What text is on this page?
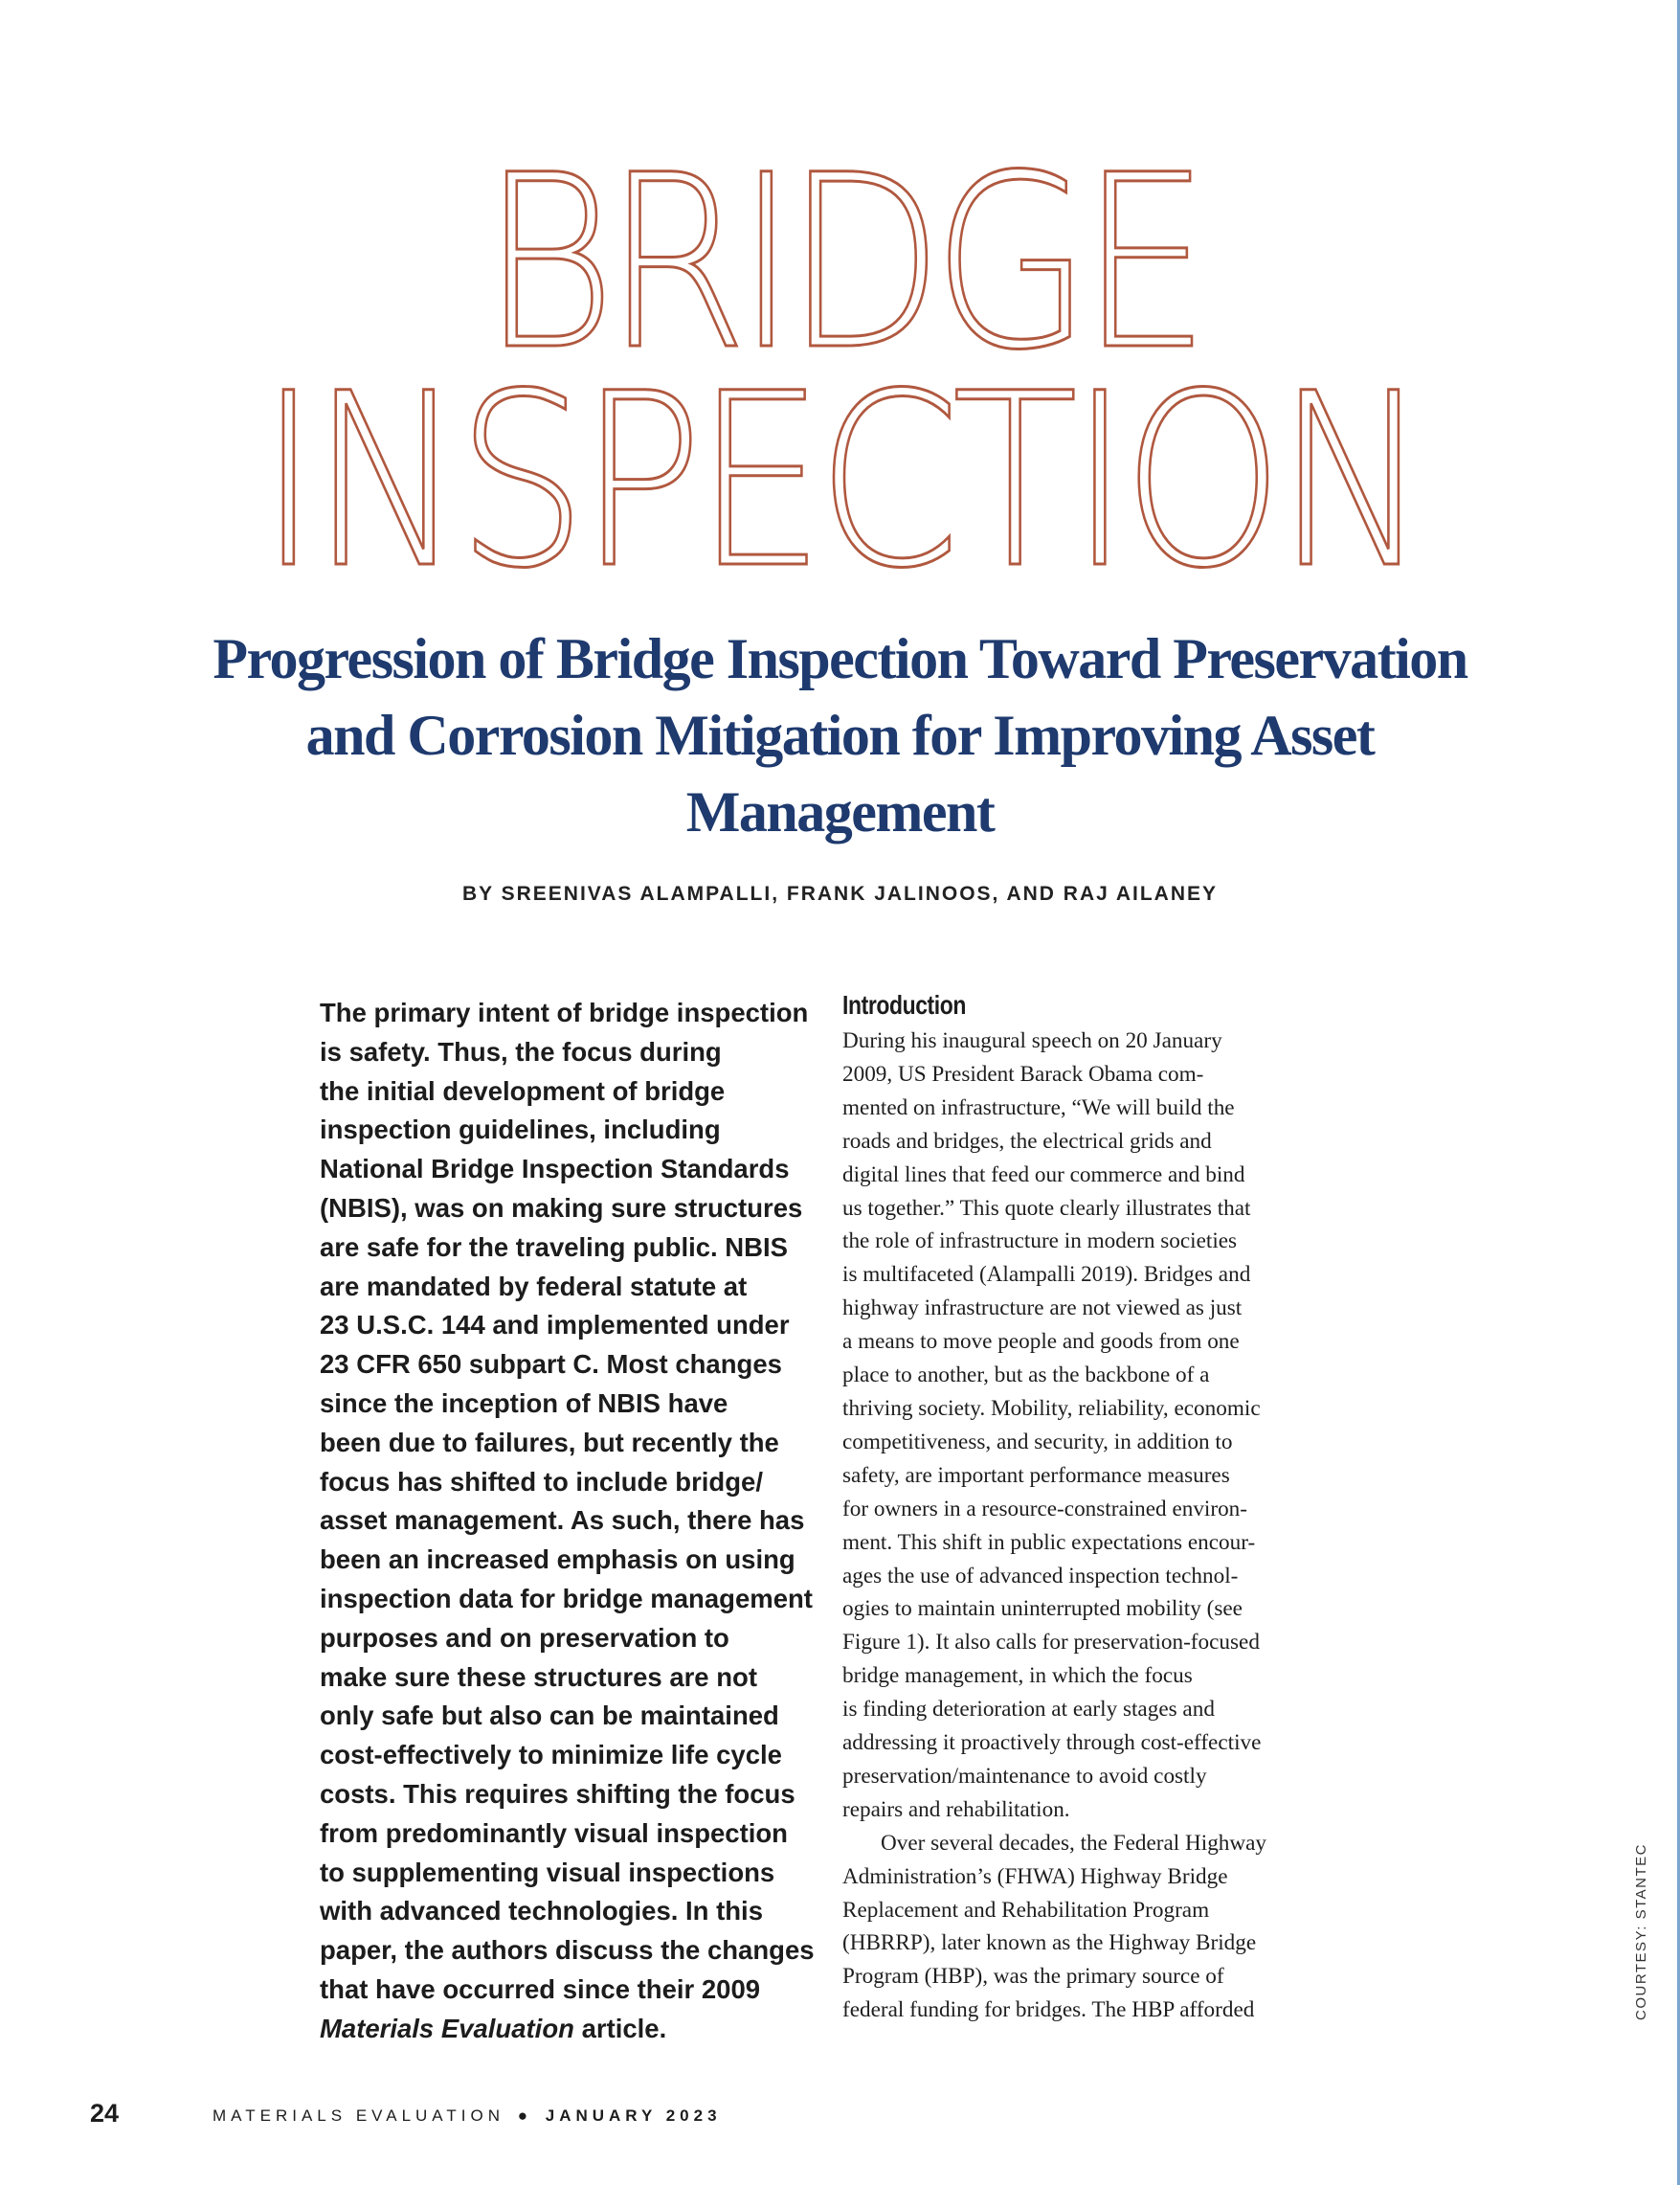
BRIDGE
INSPECTION
Progression of Bridge Inspection Toward Preservation and Corrosion Mitigation for Improving Asset Management
BY SREENIVAS ALAMPALLI, FRANK JALINOOS, AND RAJ AILANEY

The primary intent of bridge inspection
is safety. Thus, the focus during
the initial development of bridge
inspection guidelines, including
National Bridge Inspection Standards
(NBIS), was on making sure structures
are safe for the traveling public. NBIS
are mandated by federal statute at
23 U.S.C. 144 and implemented under
23 CFR 650 subpart C. Most changes
since the inception of NBIS have
been due to failures, but recently the
focus has shifted to include bridge/
asset management. As such, there has
been an increased emphasis on using
inspection data for bridge management
purposes and on preservation to
make sure these structures are not
only safe but also can be maintained
cost-effectively to minimize life cycle
costs. This requires shifting the focus
from predominantly visual inspection
to supplementing visual inspections
with advanced technologies. In this
paper, the authors discuss the changes
that have occurred since their 2009

Materials Evaluation article.
Introduction
During his inaugural speech on 20 January
2009, US President Barack Obama com-
mented on infrastructure, “We will build the
roads and bridges, the electrical grids and
digital lines that feed our commerce and bind
us together.” This quote clearly illustrates that
the role of infrastructure in modern societies
is multifaceted (Alampalli 2019). Bridges and
highway infrastructure are not viewed as just
a means to move people and goods from one
place to another, but as the backbone of a
thriving society. Mobility, reliability, economic
competitiveness, and security, in addition to
safety, are important performance measures
for owners in a resource-constrained environ-
ment. This shift in public expectations encour-
ages the use of advanced inspection technol-
ogies to maintain uninterrupted mobility (see
Figure 1). It also calls for preservation-focused
bridge management, in which the focus
is finding deterioration at early stages and
addressing it proactively through cost-effective
preservation/maintenance to avoid costly
repairs and rehabilitation.
Over several decades, the Federal Highway
Administration’s (FHWA) Highway Bridge
Replacement and Rehabilitation Program
(HBRRP), later known as the Highway Bridge
Program (HBP), was the primary source of
federal funding for bridges. The HBP afforded	COURTESY: STANTEC
24	MATERIALS EVALUATION ● JANUARY 2023
